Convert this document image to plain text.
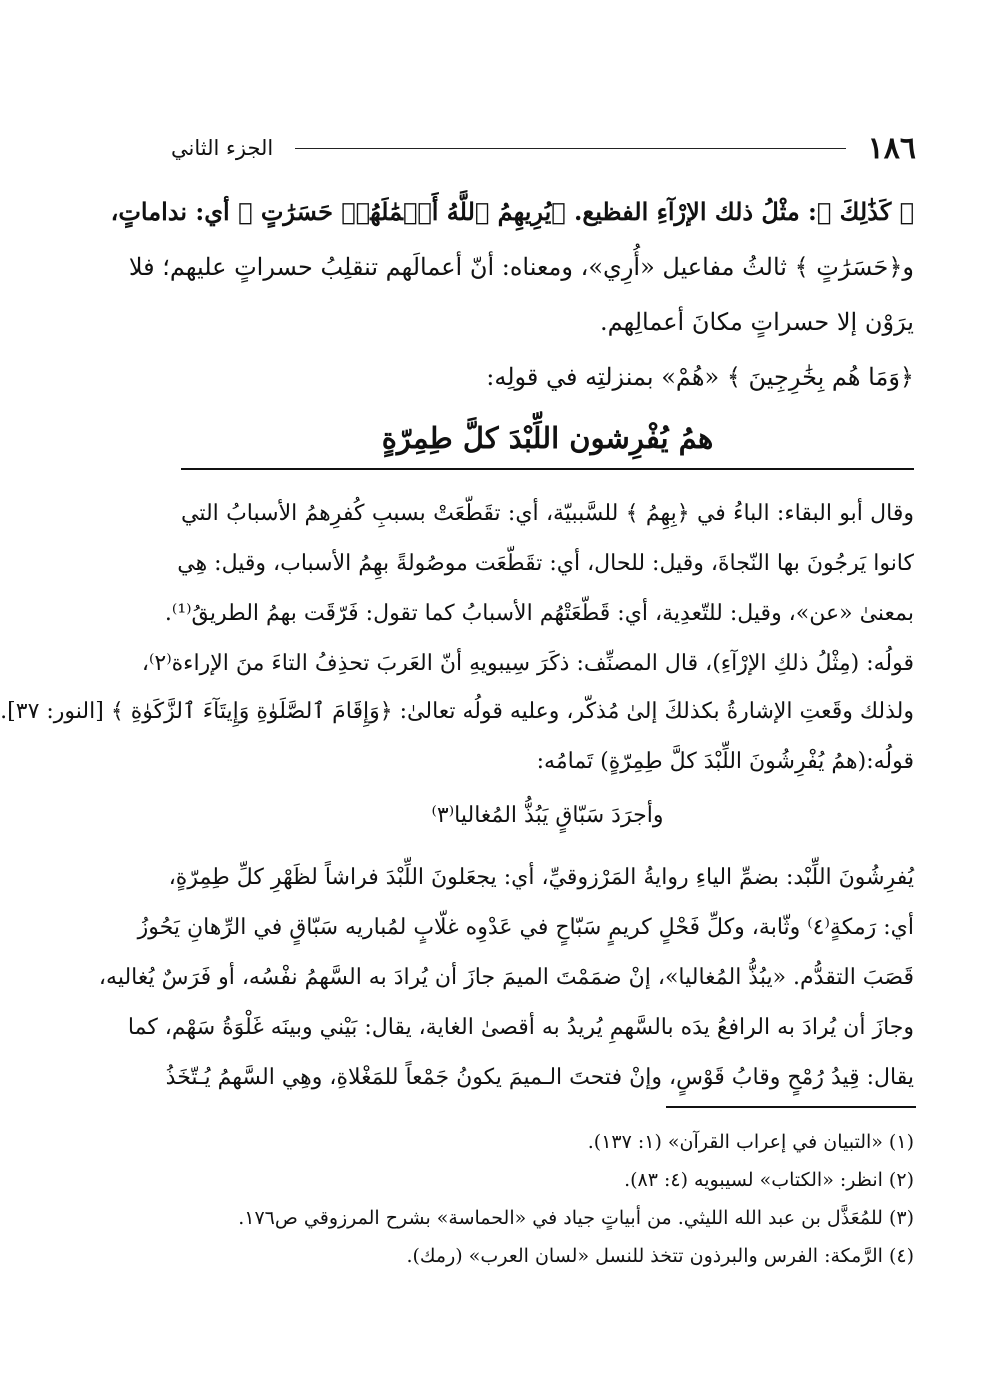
١٨٦
الجزء الثاني
﴿ كَذَٰلِكَ ﴾: مثْلُ ذلك الإرْآءِ الفظيع. ﴿يُرِيهِمُ ٱللَّهُ أَعۡمَٰلَهُمۡ حَسَرَٰتٍ ﴾ أي: نداماتٍ،
و﴿حَسَرَٰتٍ ﴾ ثالثُ مفاعيل «أُرِي»، ومعناه: أنّ أعمالَهم تنقلِبُ حسراتٍ عليهم؛ فلا
يرَوْن إلا حسراتٍ مكانَ أعمالِهم.
﴿وَمَا هُم بِخَٰرِجِينَ ﴾ «هُمْ» بمنزلتِه في قولِه:
همُ يُفْرِشون اللِّبْدَ كلَّ طِمِرّةٍ
وقال أبو البقاء: الباءُ في ﴿بِهِمُ ﴾ للسَّببيّة، أي: تقَطّعَتْ بسببِ كُفرِهمُ الأسبابُ التي
كانوا يَرجُونَ بها النّجاةَ، وقيل: للحال، أي: تقَطّعَت موصُولةً بهِمُ الأسباب، وقيل: هِي
بمعنىٰ «عن»، وقيل: للتّعدِية، أي: قَطّعَتْهُم الأسبابُ كما تقول: فَرّقَت بهمُ الطريقُ⁽¹⁾.
قولُه: (مِثْلُ ذلكِ الإرْآءِ)، قال المصنِّف: ذكَرَ سِيبويهِ أنّ العَربَ تحذِفُ التاءَ منَ الإراءة⁽٢⁾،
ولذلك وقَعتِ الإشارةُ بكذلكَ إلىٰ مُذكّر، وعليه قولُه تعالىٰ: ﴿وَإِقَامَ ٱلصَّلَوٰةِ وَإِيتَآءَ ٱلزَّكَوٰةِ ﴾ [النور: ٣٧].
قولُه:(همُ يُفْرِشُونَ اللِّبْدَ كلَّ طِمِرّةٍ) تَمامُه:
وأجرَدَ سَبّاقٍ يَبُذُّ المُغاليا⁽٣⁾
يُفرِشُونَ اللِّبْد: بضمِّ الياءِ روايةُ المَرْزوقيِّ، أي: يجعَلونَ اللِّبْدَ فراشاً لظَهْرِ كلِّ طِمِرّةٍ،
أي: رَمكةٍ⁽٤⁾ وثّابة، وكلِّ فَحْلٍ كريمٍ سَبّاحٍ في عَدْوِه غلّابٍ لمُباريه سَبّاقٍ في الرِّهانِ يَحُوزُ
قَصَبَ التقدُّم. «يبُذُّ المُغاليا»، إنْ ضمَمْتَ الميمَ جازَ أن يُرادَ به السَّهمُ نفْسُه، أو فَرَسٌ يُغاليه،
وجازَ أن يُرادَ به الرافعُ يدَه بالسَّهمِ يُريدُ به أقصىٰ الغاية، يقال: بَيْني وبينَه غَلْوَةُ سَهْم، كما
يقال: قِيدُ رُمْحٍ وقابُ قَوْسٍ، وإنْ فتحتَ الـميمَ يكونُ جَمْعاً للمَغْلاةِ، وهِي السَّهمُ يُـتّخَذُ
(١) «التبيان في إعراب القرآن» (١: ١٣٧).
(٢) انظر: «الكتاب» لسيبويه (٤: ٨٣).
(٣) للمُعَذَّل بن عبد الله الليثي. من أبياتٍ جياد في «الحماسة» بشرح المرزوقي ص١٧٦.
(٤) الرَّمكة: الفرس والبرذون تتخذ للنسل «لسان العرب» (رمك).
